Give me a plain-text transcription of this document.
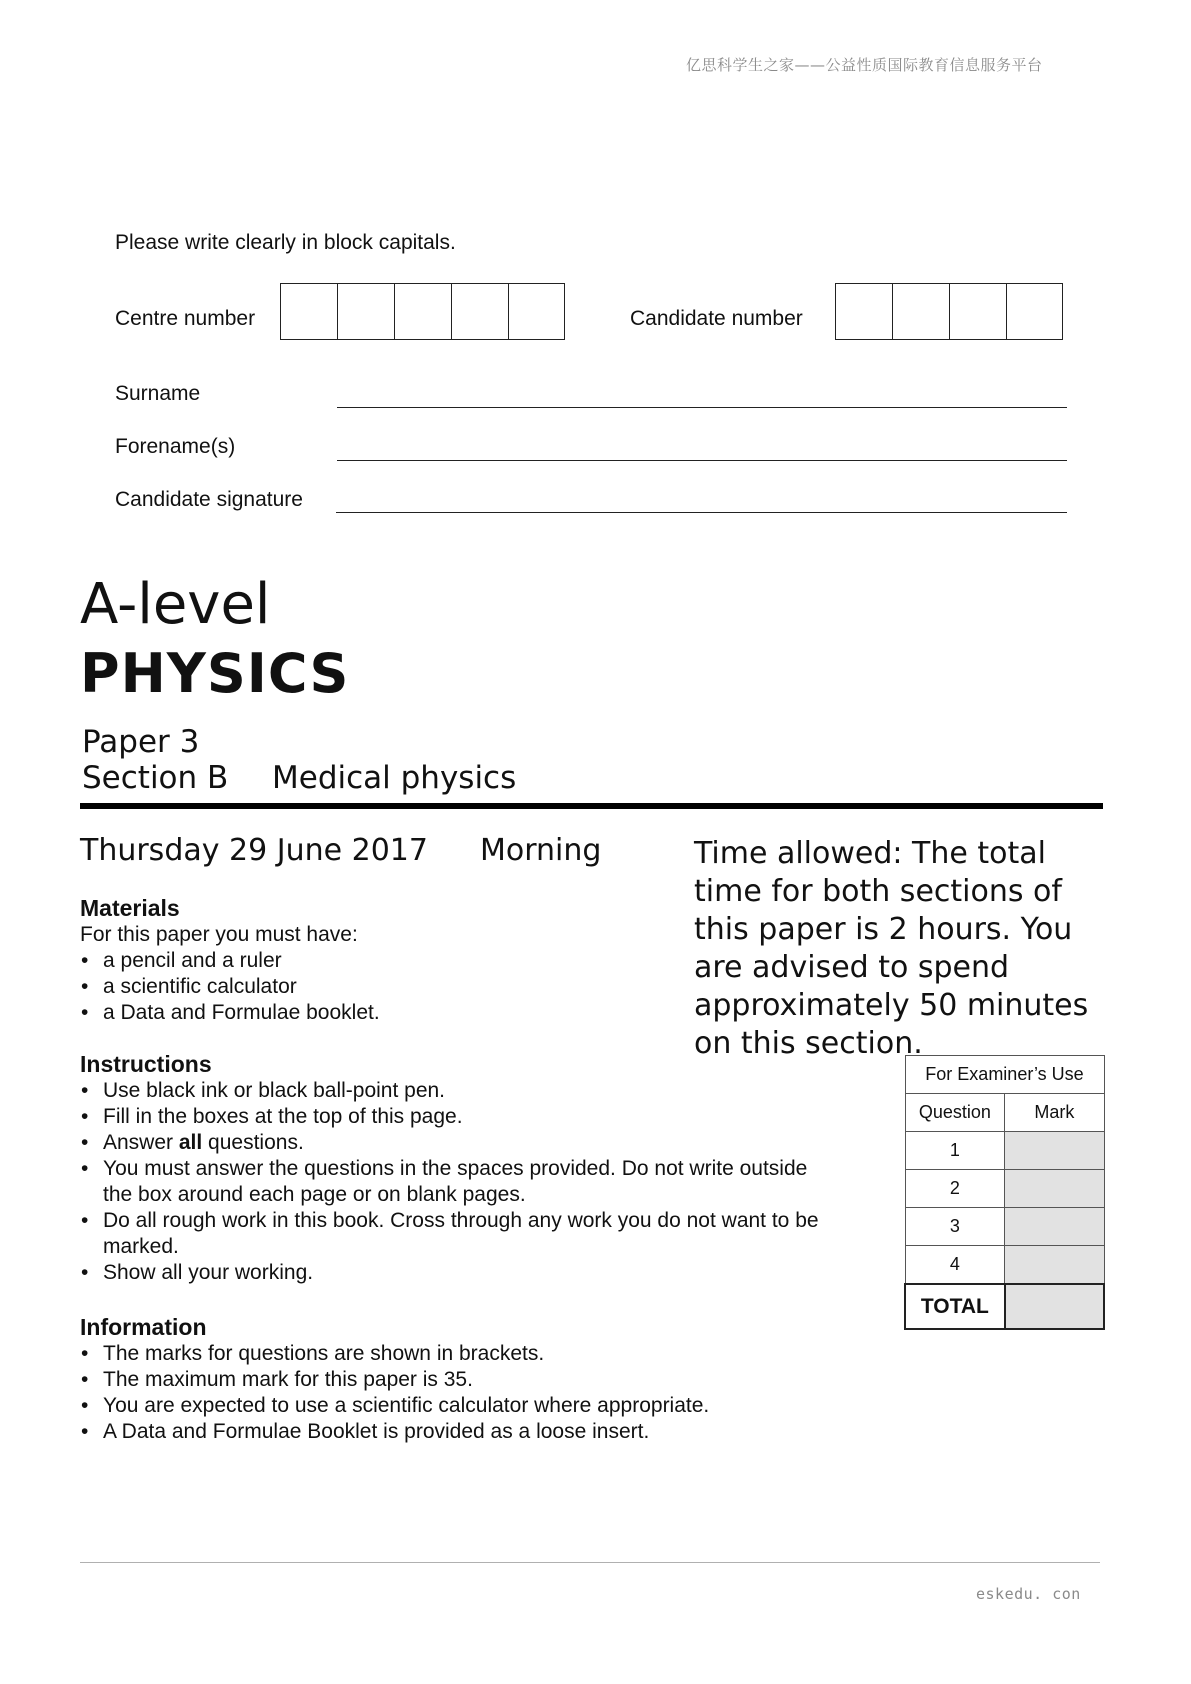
亿思科学生之家——公益性质国际教育信息服务平台
Please write clearly in block capitals.
Centre number	Candidate number
Surname
Forename(s)
Candidate signature
A-level
PHYSICS
Paper 3
Section B Medical physics
Thursday 29 June 2017 Morning	Time allowed: The total time for both sections of this paper is 2 hours. You are advised to spend approximately 50 minutes on this section.
Materials
For this paper you must have:
• a pencil and a ruler
• a scientific calculator
• a Data and Formulae booklet.
Instructions
• Use black ink or black ball-point pen.
• Fill in the boxes at the top of this page.
• Answer all questions.
• You must answer the questions in the spaces provided. Do not write outside the box around each page or on blank pages.
• Do all rough work in this book. Cross through any work you do not want to be marked.
• Show all your working.
Information
• The marks for questions are shown in brackets.
• The maximum mark for this paper is 35.
• You are expected to use a scientific calculator where appropriate.
• A Data and Formulae Booklet is provided as a loose insert.
For Examiner’s Use	
Question	Mark
1	
2	
3	
4	
TOTAL	
eskedu. con
